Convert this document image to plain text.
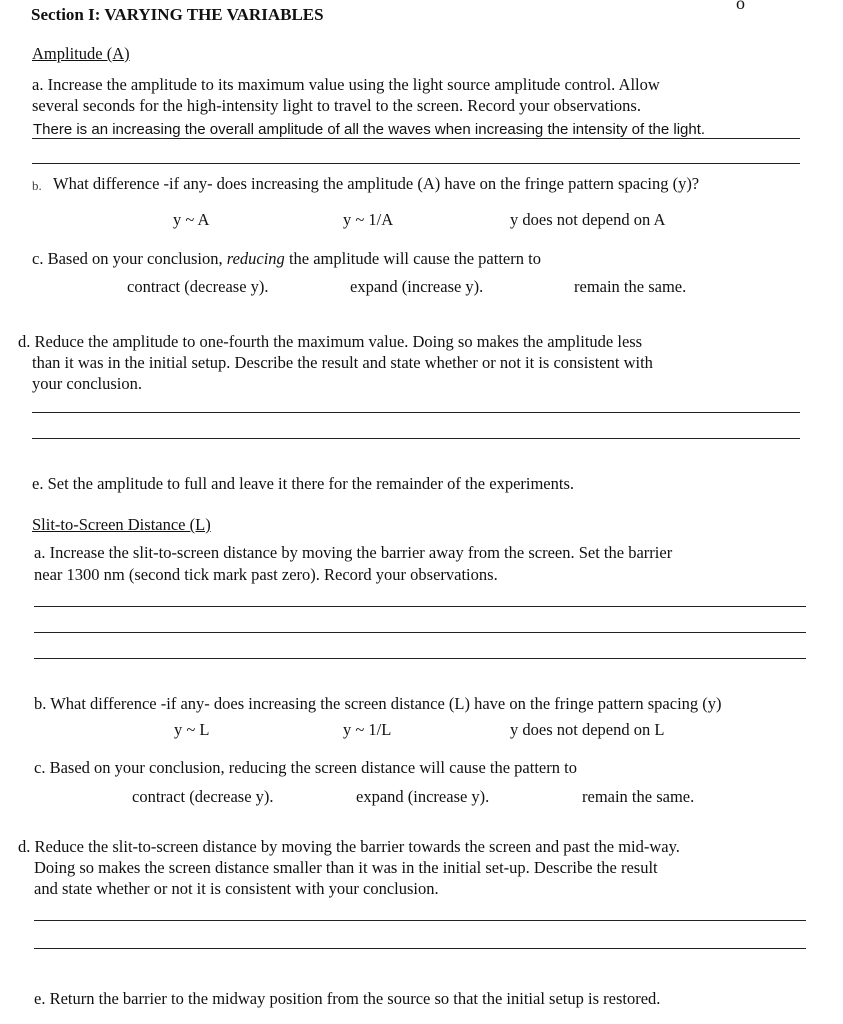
o
Section I: VARYING THE VARIABLES
Amplitude (A)
a. Increase the amplitude to its maximum value using the light source amplitude control. Allow
several seconds for the high-intensity light to travel to the screen. Record your observations.
There is an increasing the overall amplitude of all the waves when increasing the intensity of the light.
b. What difference -if any- does increasing the amplitude (A) have on the fringe pattern spacing (y)?
y ~ A	y ~ 1/A	y does not depend on A
c. Based on your conclusion, reducing the amplitude will cause the pattern to
contract (decrease y).	expand (increase y).	remain the same.
d. Reduce the amplitude to one-fourth the maximum value. Doing so makes the amplitude less
than it was in the initial setup. Describe the result and state whether or not it is consistent with
your conclusion.
e. Set the amplitude to full and leave it there for the remainder of the experiments.
Slit-to-Screen Distance (L)
a. Increase the slit-to-screen distance by moving the barrier away from the screen. Set the barrier
near 1300 nm (second tick mark past zero). Record your observations.
b. What difference -if any- does increasing the screen distance (L) have on the fringe pattern spacing (y)
y ~ L	y ~ 1/L	y does not depend on L
c. Based on your conclusion, reducing the screen distance will cause the pattern to
contract (decrease y).	expand (increase y).	remain the same.
d. Reduce the slit-to-screen distance by moving the barrier towards the screen and past the mid-way.
Doing so makes the screen distance smaller than it was in the initial set-up. Describe the result
and state whether or not it is consistent with your conclusion.
e. Return the barrier to the midway position from the source so that the initial setup is restored.
